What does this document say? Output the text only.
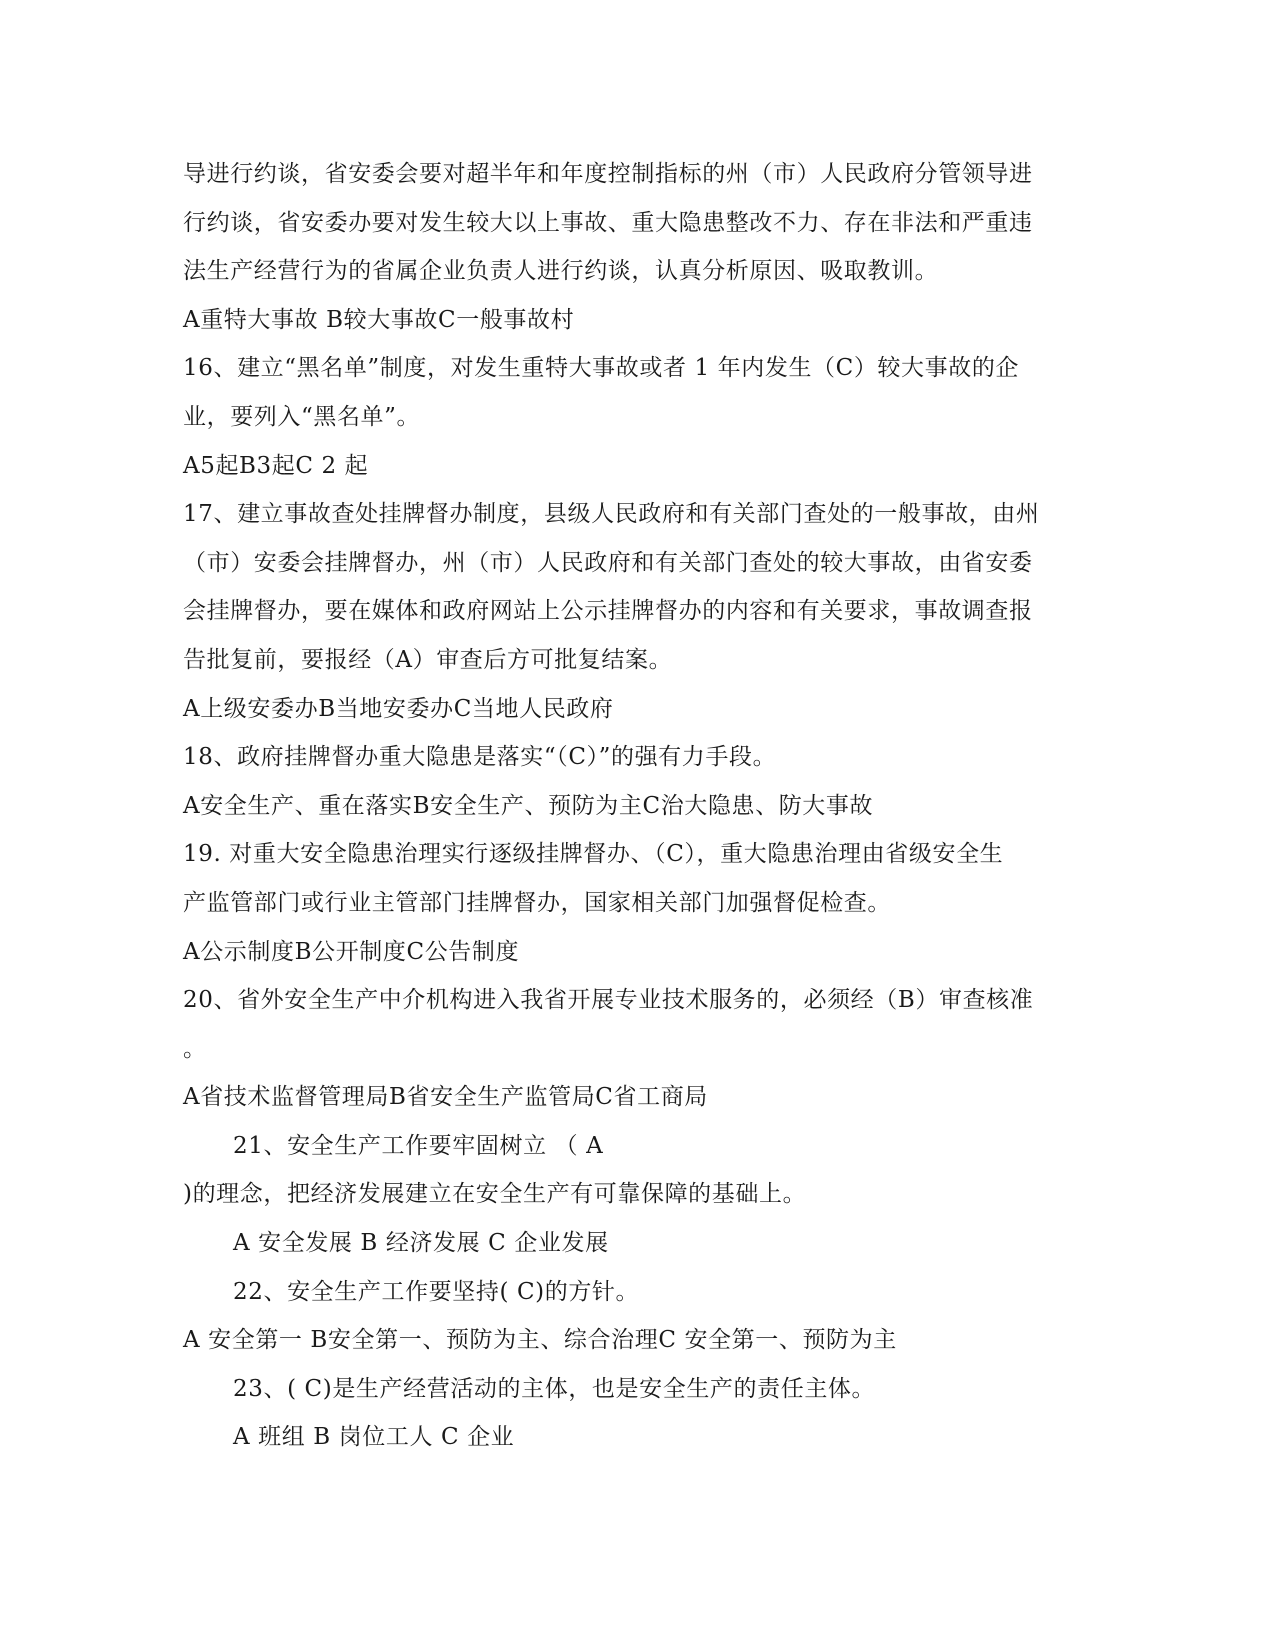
导进行约谈，省安委会要对超半年和年度控制指标的州（市）人民政府分管领导进
行约谈，省安委办要对发生较大以上事故、重大隐患整改不力、存在非法和严重违
法生产经营行为的省属企业负责人进行约谈，认真分析原因、吸取教训。
A重特大事故 B较大事故C一般事故村
16、建立“黑名单”制度，对发生重特大事故或者 1 年内发生（C）较大事故的企
业，要列入“黑名单”。
A5起B3起C 2 起
17、建立事故查处挂牌督办制度，县级人民政府和有关部门查处的一般事故，由州
（市）安委会挂牌督办，州（市）人民政府和有关部门查处的较大事故，由省安委
会挂牌督办，要在媒体和政府网站上公示挂牌督办的内容和有关要求，事故调查报
告批复前，要报经（A）审查后方可批复结案。
A上级安委办B当地安委办C当地人民政府
18、政府挂牌督办重大隐患是落实“（C）”的强有力手段。
A安全生产、重在落实B安全生产、预防为主C治大隐患、防大事故
19. 对重大安全隐患治理实行逐级挂牌督办、（C），重大隐患治理由省级安全生
产监管部门或行业主管部门挂牌督办，国家相关部门加强督促检查。
A公示制度B公开制度C公告制度
20、省外安全生产中介机构进入我省开展专业技术服务的，必须经（B）审查核准
。
A省技术监督管理局B省安全生产监管局C省工商局
21、安全生产工作要牢固树立 （ A
)的理念，把经济发展建立在安全生产有可靠保障的基础上。
A 安全发展 B 经济发展 C 企业发展
22、安全生产工作要坚持( C)的方针。
A 安全第一 B安全第一、预防为主、综合治理C 安全第一、预防为主
23、( C)是生产经营活动的主体，也是安全生产的责任主体。
A 班组 B 岗位工人 C 企业
